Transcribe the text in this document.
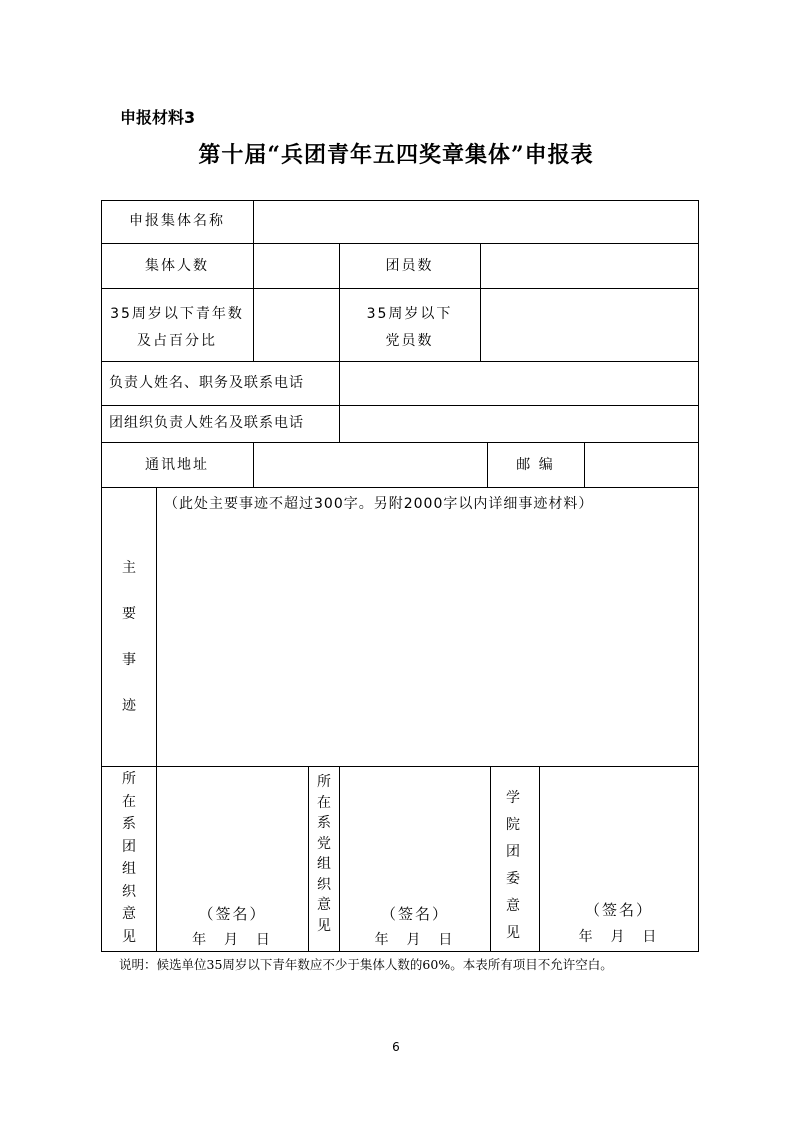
申报材料3
第十届“兵团青年五四奖章集体”申报表
申报集体名称
集体人数	团员数
35周岁以下青年数
及占百分比
35周岁以下
党员数
负责人姓名、职务及联系电话
团组织负责人姓名及联系电话
通讯地址	邮 编
主要事迹
（此处主要事迹不超过300字。另附2000字以内详细事迹材料）
所在系团组织意见
（签名）
年  月  日
所在系党组织意见
（签名）
年  月  日
学院团委意见
（签名）
年  月  日
说明：候选单位35周岁以下青年数应不少于集体人数的60%。本表所有项目不允许空白。
6
